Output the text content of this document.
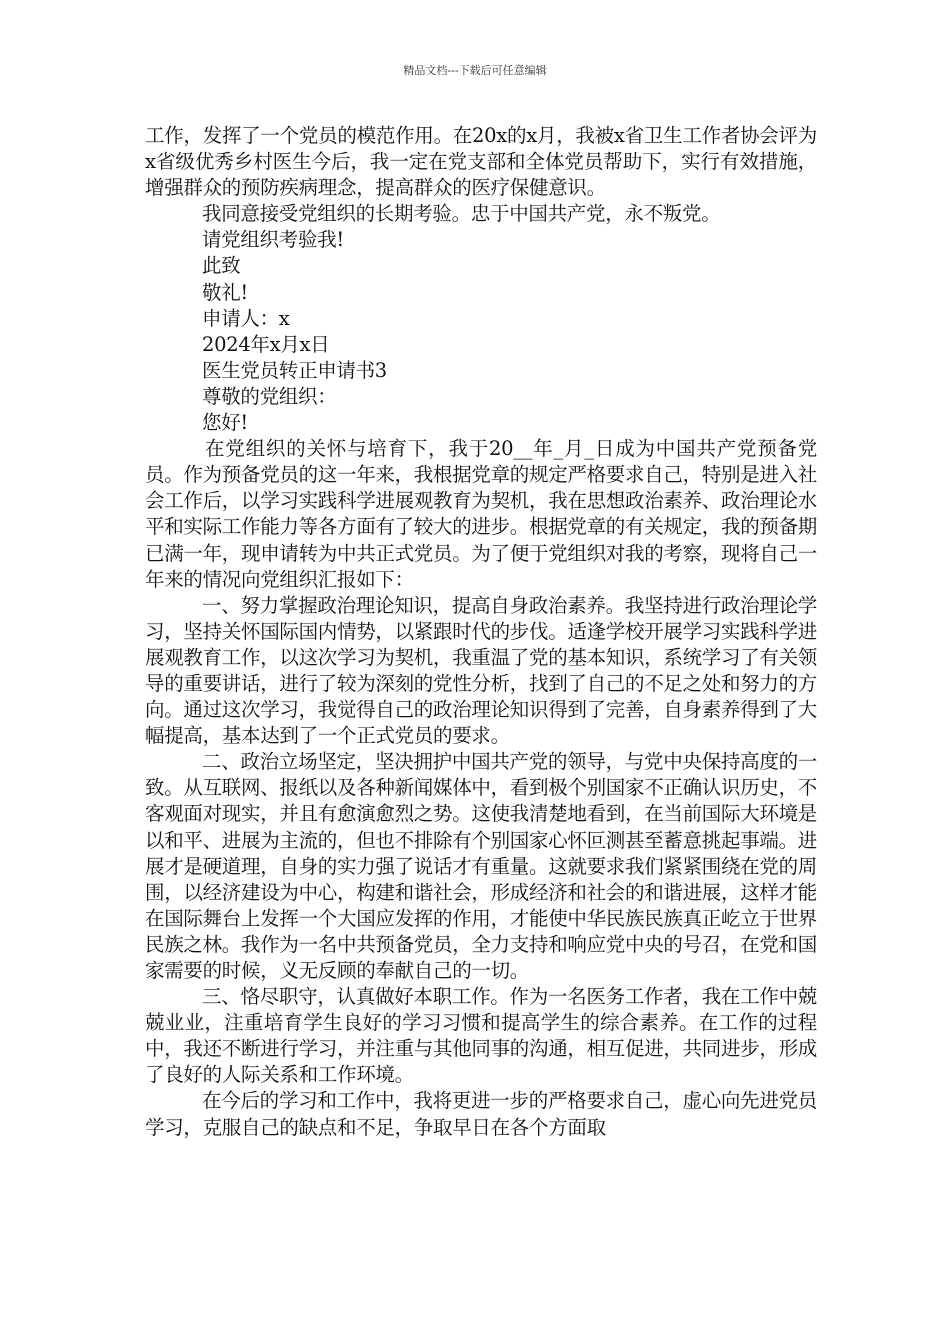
精品文档---下载后可任意编辑

工作，发挥了一个党员的模范作用。在20x的x月，我被x省卫生工作者协会评为x省级优秀乡村医生今后，我一定在党支部和全体党员帮助下，实行有效措施，增强群众的预防疾病理念，提高群众的医疗保健意识。

我同意接受党组织的长期考验。忠于中国共产党，永不叛党。

请党组织考验我!

此致

敬礼!

申请人：x

2024年x月x日

医生党员转正申请书3

尊敬的党组织：

您好!

在党组织的关怀与培育下，我于20__年_月_日成为中国共产党预备党员。作为预备党员的这一年来，我根据党章的规定严格要求自己，特别是进入社会工作后，以学习实践科学进展观教育为契机，我在思想政治素养、政治理论水平和实际工作能力等各方面有了较大的进步。根据党章的有关规定，我的预备期已满一年，现申请转为中共正式党员。为了便于党组织对我的考察，现将自己一年来的情况向党组织汇报如下：

一、努力掌握政治理论知识，提高自身政治素养。我坚持进行政治理论学习，坚持关怀国际国内情势，以紧跟时代的步伐。适逢学校开展学习实践科学进展观教育工作，以这次学习为契机，我重温了党的基本知识，系统学习了有关领导的重要讲话，进行了较为深刻的党性分析，找到了自己的不足之处和努力的方向。通过这次学习，我觉得自己的政治理论知识得到了完善，自身素养得到了大幅提高，基本达到了一个正式党员的要求。

二、政治立场坚定，坚决拥护中国共产党的领导，与党中央保持高度的一致。从互联网、报纸以及各种新闻媒体中，看到极个别国家不正确认识历史，不客观面对现实，并且有愈演愈烈之势。这使我清楚地看到，在当前国际大环境是以和平、进展为主流的，但也不排除有个别国家心怀叵测甚至蓄意挑起事端。进展才是硬道理，自身的实力强了说话才有重量。这就要求我们紧紧围绕在党的周围，以经济建设为中心，构建和谐社会，形成经济和社会的和谐进展，这样才能在国际舞台上发挥一个大国应发挥的作用，才能使中华民族民族真正屹立于世界民族之林。我作为一名中共预备党员，全力支持和响应党中央的号召，在党和国家需要的时候，义无反顾的奉献自己的一切。

三、恪尽职守，认真做好本职工作。作为一名医务工作者，我在工作中兢兢业业，注重培育学生良好的学习习惯和提高学生的综合素养。在工作的过程中，我还不断进行学习，并注重与其他同事的沟通，相互促进，共同进步，形成了良好的人际关系和工作环境。

在今后的学习和工作中，我将更进一步的严格要求自己，虚心向先进党员学习，克服自己的缺点和不足，争取早日在各个方面取
